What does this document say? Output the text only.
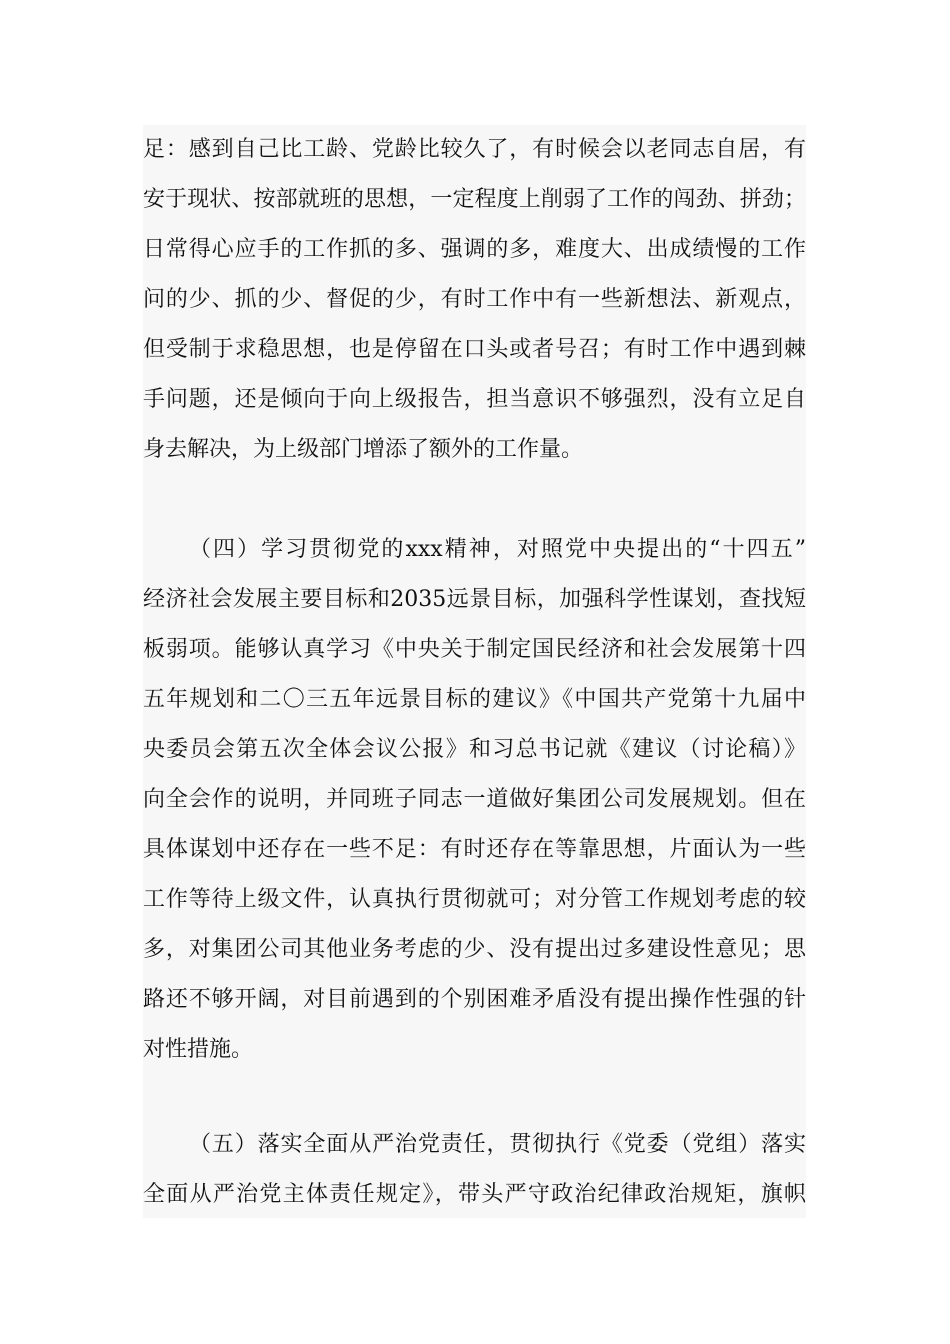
足：感到自己比工龄、党龄比较久了，有时候会以老同志自居，有
安于现状、按部就班的思想，一定程度上削弱了工作的闯劲、拼劲；
日常得心应手的工作抓的多、强调的多，难度大、出成绩慢的工作
问的少、抓的少、督促的少，有时工作中有一些新想法、新观点，
但受制于求稳思想，也是停留在口头或者号召；有时工作中遇到棘
手问题，还是倾向于向上级报告，担当意识不够强烈，没有立足自
身去解决，为上级部门增添了额外的工作量。
（四）学习贯彻党的xxx精神，对照党中央提出的“十四五”
经济社会发展主要目标和2035远景目标，加强科学性谋划，查找短
板弱项。能够认真学习《中央关于制定国民经济和社会发展第十四
五年规划和二〇三五年远景目标的建议》《中国共产党第十九届中
央委员会第五次全体会议公报》和习总书记就《建议（讨论稿）》
向全会作的说明，并同班子同志一道做好集团公司发展规划。但在
具体谋划中还存在一些不足：有时还存在等靠思想，片面认为一些
工作等待上级文件，认真执行贯彻就可；对分管工作规划考虑的较
多，对集团公司其他业务考虑的少、没有提出过多建设性意见；思
路还不够开阔，对目前遇到的个别困难矛盾没有提出操作性强的针
对性措施。
（五）落实全面从严治党责任，贯彻执行《党委（党组）落实
全面从严治党主体责任规定》，带头严守政治纪律政治规矩，旗帜
